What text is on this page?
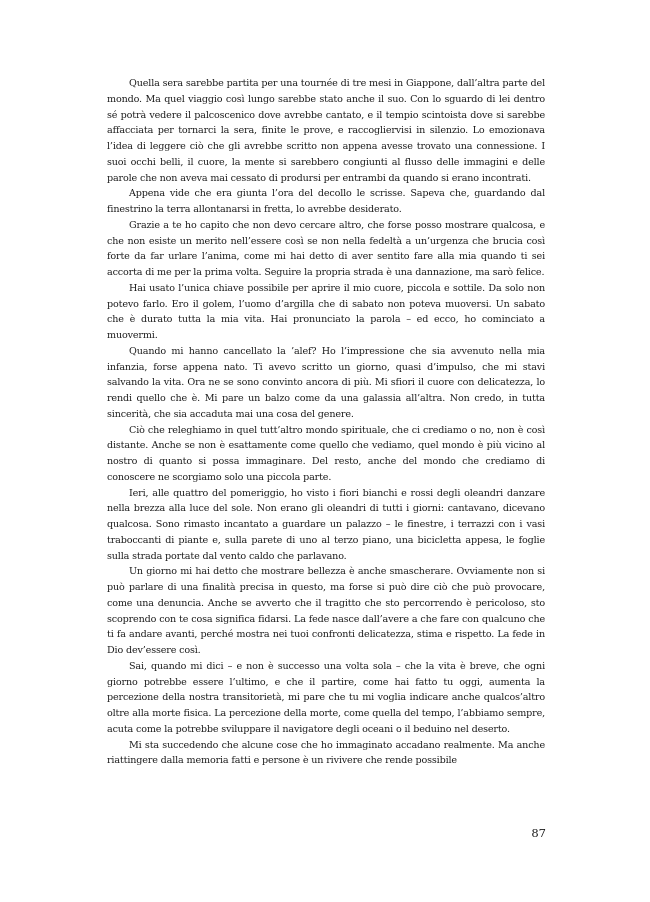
Quella sera sarebbe partita per una tournée di tre mesi in Giappone, dall’altra parte del mondo. Ma quel viaggio così lungo sarebbe stato anche il suo. Con lo sguardo di lei dentro sé potrà vedere il palcoscenico dove avrebbe cantato, e il tempio scintoista dove si sarebbe affacciata per tornarci la sera, finite le prove, e raccogliervisi in silenzio. Lo emozionava l’idea di leggere ciò che gli avrebbe scritto non appena avesse trovato una connessione. I suoi occhi belli, il cuore, la mente si sarebbero congiunti al flusso delle immagini e delle parole che non aveva mai cessato di prodursi per entrambi da quando si erano incontrati.

Appena vide che era giunta l’ora del decollo le scrisse. Sapeva che, guardando dal finestrino la terra allontanarsi in fretta, lo avrebbe desiderato.

Grazie a te ho capito che non devo cercare altro, che forse posso mostrare qualcosa, e che non esiste un merito nell’essere così se non nella fedeltà a un’urgenza che brucia così forte da far urlare l’anima, come mi hai detto di aver sentito fare alla mia quando ti sei accorta di me per la prima volta. Seguire la propria strada è una dannazione, ma sarò felice.

Hai usato l’unica chiave possibile per aprire il mio cuore, piccola e sottile. Da solo non potevo farlo. Ero il golem, l’uomo d’argilla che di sabato non poteva muoversi. Un sabato che è durato tutta la mia vita. Hai pronunciato la parola – ed ecco, ho cominciato a muovermi.

Quando mi hanno cancellato la ’alef? Ho l’impressione che sia avvenuto nella mia infanzia, forse appena nato. Ti avevo scritto un giorno, quasi d’impulso, che mi stavi salvando la vita. Ora ne se sono convinto ancora di più. Mi sfiori il cuore con delicatezza, lo rendi quello che è. Mi pare un balzo come da una galassia all’altra. Non credo, in tutta sincerità, che sia accaduta mai una cosa del genere.

Ciò che releghiamo in quel tutt’altro mondo spirituale, che ci crediamo o no, non è così distante. Anche se non è esattamente come quello che vediamo, quel mondo è più vicino al nostro di quanto si possa immaginare. Del resto, anche del mondo che crediamo di conoscere ne scorgiamo solo una piccola parte.

Ieri, alle quattro del pomeriggio, ho visto i fiori bianchi e rossi degli oleandri danzare nella brezza alla luce del sole. Non erano gli oleandri di tutti i giorni: cantavano, dicevano qualcosa. Sono rimasto incantato a guardare un palazzo – le finestre, i terrazzi con i vasi traboccanti di piante e, sulla parete di uno al terzo piano, una bicicletta appesa, le foglie sulla strada portate dal vento caldo che parlavano.

Un giorno mi hai detto che mostrare bellezza è anche smascherare. Ovviamente non si può parlare di una finalità precisa in questo, ma forse si può dire ciò che può provocare, come una denuncia. Anche se avverto che il tragitto che sto percorrendo è pericoloso, sto scoprendo con te cosa significa fidarsi. La fede nasce dall’avere a che fare con qualcuno che ti fa andare avanti, perché mostra nei tuoi confronti delicatezza, stima e rispetto. La fede in Dio dev’essere così.

Sai, quando mi dici – e non è successo una volta sola – che la vita è breve, che ogni giorno potrebbe essere l’ultimo, e che il partire, come hai fatto tu oggi, aumenta la percezione della nostra transitorietà, mi pare che tu mi voglia indicare anche qualcos’altro oltre alla morte fisica. La percezione della morte, come quella del tempo, l’abbiamo sempre, acuta come la potrebbe sviluppare il navigatore degli oceani o il beduino nel deserto.

Mi sta succedendo che alcune cose che ho immaginato accadano realmente. Ma anche riattingere dalla memoria fatti e persone è un rivivere che rende possibile

87
